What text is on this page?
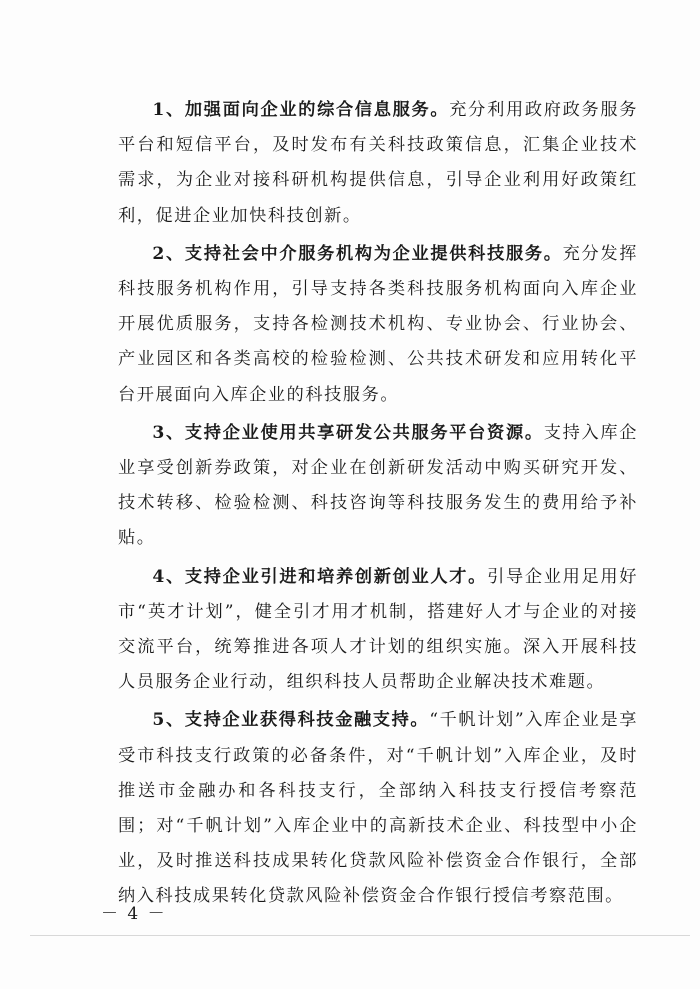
1、加强面向企业的综合信息服务。充分利用政府政务服务平台和短信平台，及时发布有关科技政策信息，汇集企业技术需求，为企业对接科研机构提供信息，引导企业利用好政策红利，促进企业加快科技创新。

2、支持社会中介服务机构为企业提供科技服务。充分发挥科技服务机构作用，引导支持各类科技服务机构面向入库企业开展优质服务，支持各检测技术机构、专业协会、行业协会、产业园区和各类高校的检验检测、公共技术研发和应用转化平台开展面向入库企业的科技服务。

3、支持企业使用共享研发公共服务平台资源。支持入库企业享受创新券政策，对企业在创新研发活动中购买研究开发、技术转移、检验检测、科技咨询等科技服务发生的费用给予补贴。

4、支持企业引进和培养创新创业人才。引导企业用足用好市“英才计划”，健全引才用才机制，搭建好人才与企业的对接交流平台，统筹推进各项人才计划的组织实施。深入开展科技人员服务企业行动，组织科技人员帮助企业解决技术难题。

5、支持企业获得科技金融支持。“千帆计划”入库企业是享受市科技支行政策的必备条件，对“千帆计划”入库企业，及时推送市金融办和各科技支行，全部纳入科技支行授信考察范围；对“千帆计划”入库企业中的高新技术企业、科技型中小企业，及时推送科技成果转化贷款风险补偿资金合作银行，全部纳入科技成果转化贷款风险补偿资金合作银行授信考察范围。

－ 4 －
